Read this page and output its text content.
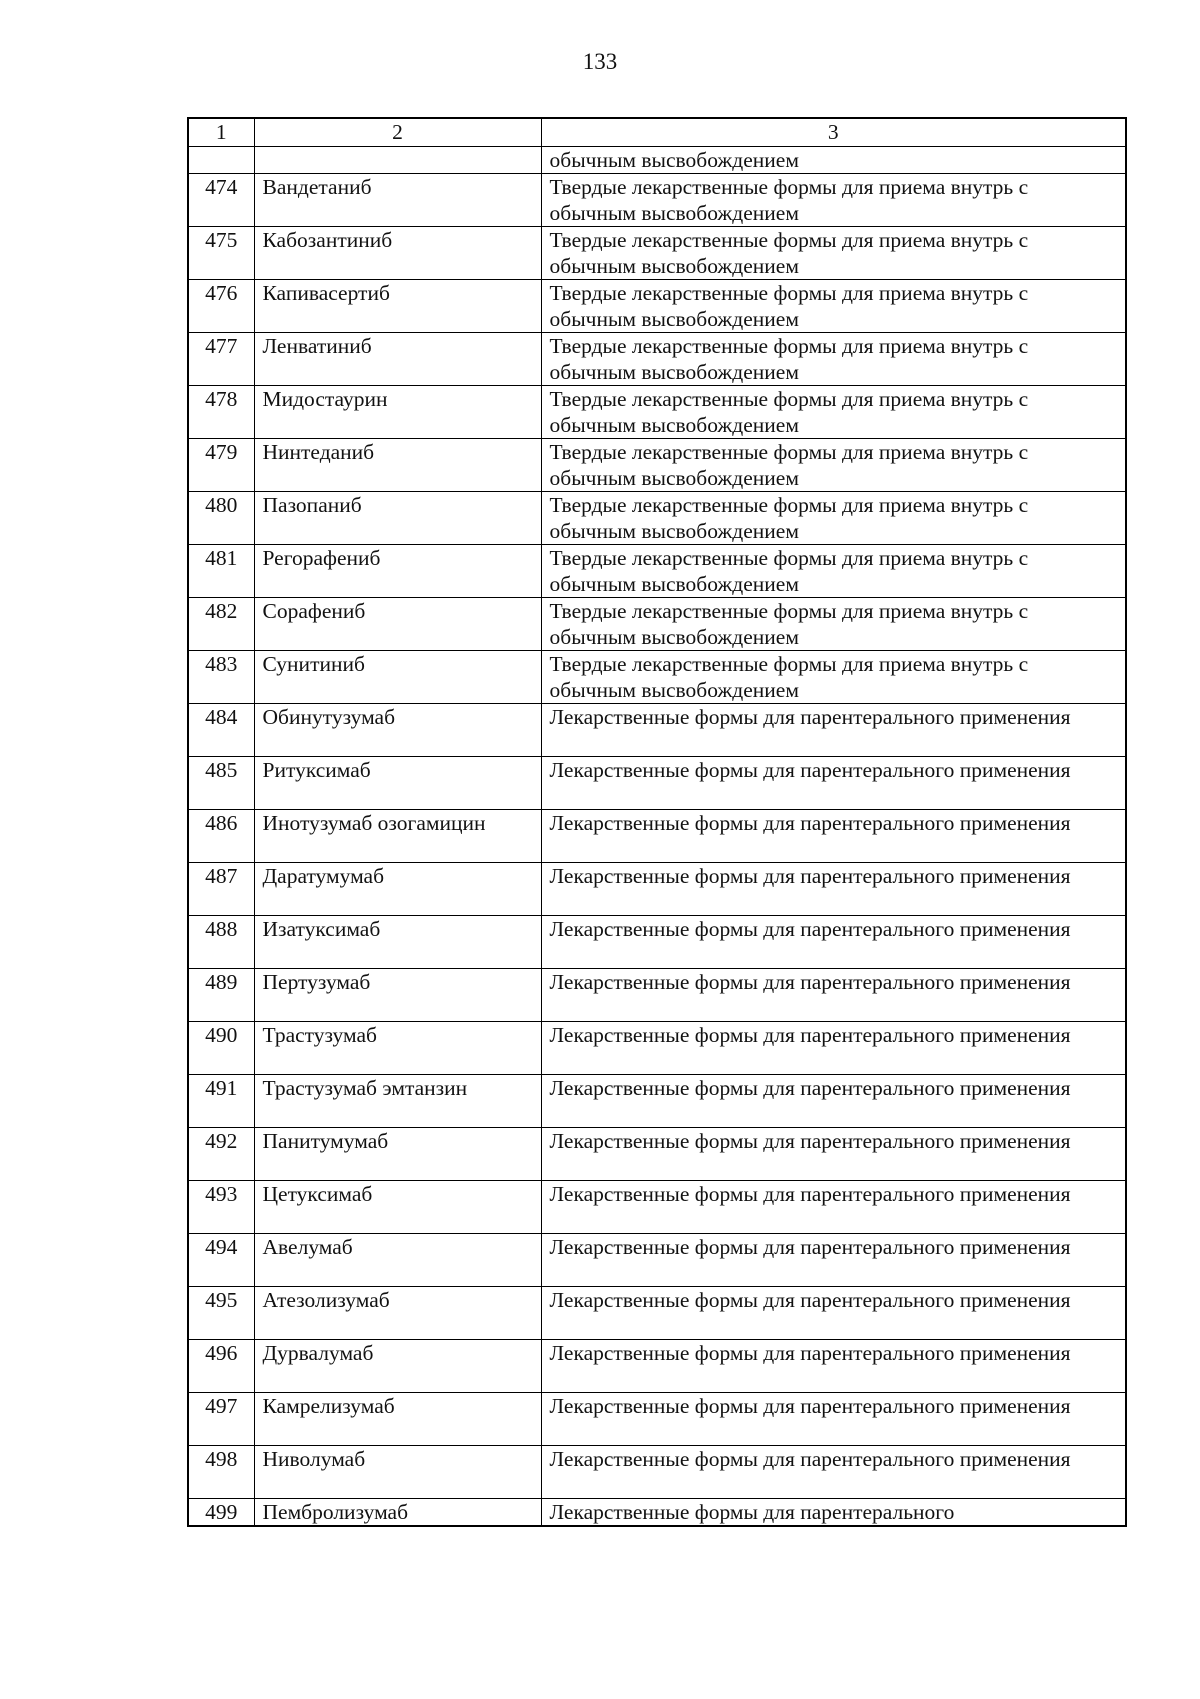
133
1	2	3
		обычным высвобождением
474	Вандетаниб	Твердые лекарственные формы для приема внутрь с обычным высвобождением
475	Кабозантиниб	Твердые лекарственные формы для приема внутрь с обычным высвобождением
476	Капивасертиб	Твердые лекарственные формы для приема внутрь с обычным высвобождением
477	Ленватиниб	Твердые лекарственные формы для приема внутрь с обычным высвобождением
478	Мидостаурин	Твердые лекарственные формы для приема внутрь с обычным высвобождением
479	Нинтеданиб	Твердые лекарственные формы для приема внутрь с обычным высвобождением
480	Пазопаниб	Твердые лекарственные формы для приема внутрь с обычным высвобождением
481	Регорафениб	Твердые лекарственные формы для приема внутрь с обычным высвобождением
482	Сорафениб	Твердые лекарственные формы для приема внутрь с обычным высвобождением
483	Сунитиниб	Твердые лекарственные формы для приема внутрь с обычным высвобождением
484	Обинутузумаб	Лекарственные формы для парентерального применения
485	Ритуксимаб	Лекарственные формы для парентерального применения
486	Инотузумаб озогамицин	Лекарственные формы для парентерального применения
487	Даратумумаб	Лекарственные формы для парентерального применения
488	Изатуксимаб	Лекарственные формы для парентерального применения
489	Пертузумаб	Лекарственные формы для парентерального применения
490	Трастузумаб	Лекарственные формы для парентерального применения
491	Трастузумаб эмтанзин	Лекарственные формы для парентерального применения
492	Панитумумаб	Лекарственные формы для парентерального применения
493	Цетуксимаб	Лекарственные формы для парентерального применения
494	Авелумаб	Лекарственные формы для парентерального применения
495	Атезолизумаб	Лекарственные формы для парентерального применения
496	Дурвалумаб	Лекарственные формы для парентерального применения
497	Камрелизумаб	Лекарственные формы для парентерального применения
498	Ниволумаб	Лекарственные формы для парентерального применения
499	Пембролизумаб	Лекарственные формы для парентерального
